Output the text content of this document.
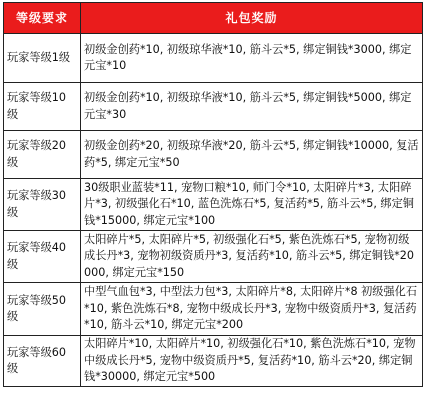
等级要求	礼包奖励
玩家等级1级	初级金创药*10, 初级琼华液*10, 筋斗云*5, 绑定铜钱*3000, 绑定元宝*10
玩家等级10级	初级金创药*10, 初级琼华液*10, 筋斗云*5, 绑定铜钱*5000, 绑定元宝*30
玩家等级20级	初级金创药*20, 初级琼华液*20, 筋斗云*5, 绑定铜钱*10000, 复活药*5, 绑定元宝*50
玩家等级30级	30级职业蓝装*11, 宠物口粮*10, 师门令*10, 太阳碎片*3, 太阳碎片*3, 初级强化石*10, 蓝色洗炼石*5, 复活药*5, 筋斗云*5, 绑定铜钱*15000, 绑定元宝*100
玩家等级40级	太阳碎片*5, 太阳碎片*5, 初级强化石*5, 紫色洗炼石*5, 宠物初级成长丹*3, 宠物初级资质丹*3, 复活药*10, 筋斗云*5, 绑定铜钱*20000, 绑定元宝*150
玩家等级50级	中型气血包*3, 中型法力包*3, 太阳碎片*8, 太阳碎片*8 初级强化石*10, 紫色洗炼石*8, 宠物中级成长丹*3, 宠物中级资质丹*3, 复活药*10, 筋斗云*10, 绑定元宝*200
玩家等级60级	太阳碎片*10, 太阳碎片*10, 初级强化石*10, 紫色洗炼石*10, 宠物中级成长丹*5, 宠物中级资质丹*5, 复活药*10, 筋斗云*20, 绑定铜钱*30000, 绑定元宝*500
